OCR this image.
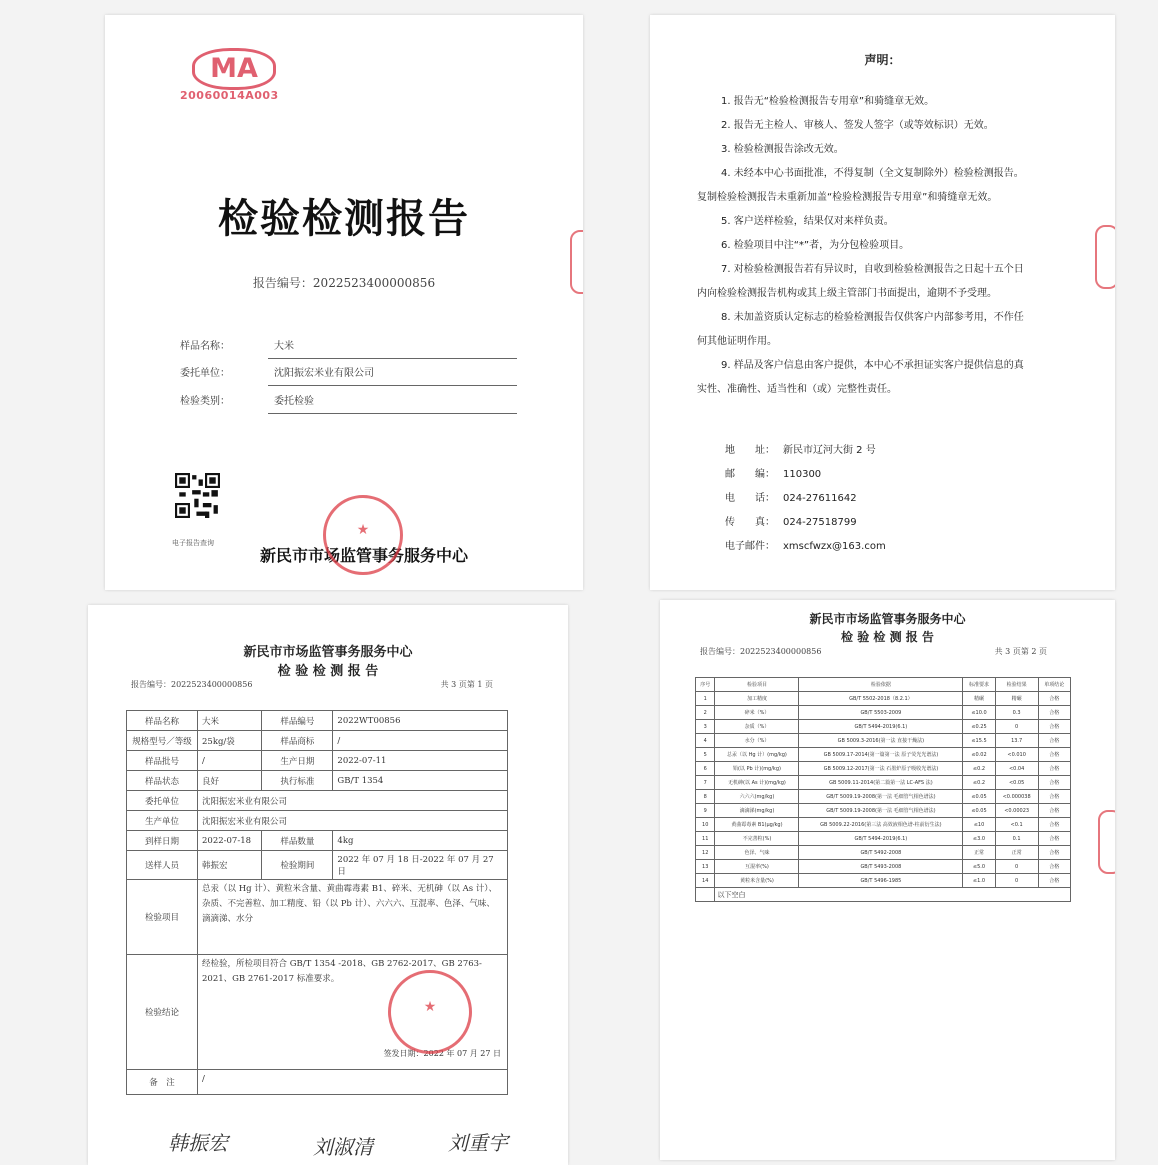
MA
20060014A003
检验检测报告
报告编号：2022523400000856
样品名称：	大米
委托单位：	沈阳振宏米业有限公司
检验类别：	委托检验
电子报告查询
新民市市场监管事务服务中心
★
声明：

1. 报告无“检验检测报告专用章”和骑缝章无效。

2. 报告无主检人、审核人、签发人签字（或等效标识）无效。

3. 检验检测报告涂改无效。

4. 未经本中心书面批准，不得复制（全文复制除外）检验检测报告。

复制检验检测报告未重新加盖“检验检测报告专用章”和骑缝章无效。

5. 客户送样检验，结果仅对来样负责。

6. 检验项目中注“*”者，为分包检验项目。

7. 对检验检测报告若有异议时，自收到检验检测报告之日起十五个日

内向检验检测报告机构或其上级主管部门书面提出，逾期不予受理。

8. 未加盖资质认定标志的检验检测报告仅供客户内部参考用，不作任

何其他证明作用。

9. 样品及客户信息由客户提供，本中心不承担证实客户提供信息的真

实性、准确性、适当性和（或）完整性责任。

地　　址： 新民市辽河大街 2 号
邮　　编： 110300
电　　话： 024-27611642
传　　真： 024-27518799
电子邮件： xmscfwzx@163.com
新民市市场监管事务服务中心
检 验 检 测 报 告
报告编号：2022523400000856	共 3 页第 1 页
样品名称	大米	样品编号	2022WT00856
规格型号／等级	25kg/袋	样品商标	/
样品批号	/	生产日期	2022-07-11
样品状态	良好	执行标准	GB/T 1354
委托单位	沈阳振宏米业有限公司		
生产单位	沈阳振宏米业有限公司		
到样日期	2022-07-18	样品数量	4kg
送样人员	韩振宏	检验期间	2022 年 07 月 18 日-2022 年 07 月 27 日
检验项目	总汞（以 Hg 计）、黄粒米含量、黄曲霉毒素 B1、碎米、无机砷（以 As 计）、杂质、不完善粒、加工精度、铅（以 Pb 计）、六六六、互混率、色泽、气味、滴滴涕、水分		
检验结论	经检验，所检项目符合 GB/T 1354 -2018、GB 2762-2017、GB 2763-2021、GB 2761-2017 标准要求。
签发日期：2022 年 07 月 27 日		

备　注	/		
★
韩振宏	刘淑清	刘重宇
新民市市场监管事务服务中心
检 验 检 测 报 告
报告编号：2022523400000856	共 3 页第 2 页
序号	检验项目	检验依据	标准要求	检验结果	单项结论
1	加工精度	GB/T 5502-2018（8.2.1）	精碾	精碾	合格
2	碎米（%）	GB/T 5503-2009	≤10.0	0.3	合格
3	杂质（%）	GB/T 5494-2019(6.1)	≤0.25	0	合格
4	水分（%）	GB 5009.3-2016(第一法 直接干燥法)	≤15.5	13.7	合格
5	总汞（以 Hg 计）(mg/kg)	GB 5009.17-2014(第一篇第一法 原子荧光光谱法)	≤0.02	<0.010	合格
6	铅(以 Pb 计)(mg/kg)	GB 5009.12-2017(第一法 石墨炉原子吸收光谱法)	≤0.2	<0.04	合格
7	无机砷(以 As 计)(mg/kg)	GB 5009.11-2014(第二篇第一法 LC-AFS 法)	≤0.2	<0.05	合格
8	六六六(mg/kg)	GB/T 5009.19-2008(第一法 毛细管气相色谱法)	≤0.05	<0.000038	合格
9	滴滴涕(mg/kg)	GB/T 5009.19-2008(第一法 毛细管气相色谱法)	≤0.05	<0.00023	合格
10	黄曲霉毒素 B1(μg/kg)	GB 5009.22-2016(第三法 高效液相色谱-柱前衍生法)	≤10	<0.1	合格
11	不完善粒(%)	GB/T 5494-2019(6.1)	≤3.0	0.1	合格
12	色泽、气味	GB/T 5492-2008	正常	正常	合格
13	互混率(%)	GB/T 5493-2008	≤5.0	0	合格
14	黄粒米含量(%)	GB/T 5496-1985	≤1.0	0	合格
	以下空白				
